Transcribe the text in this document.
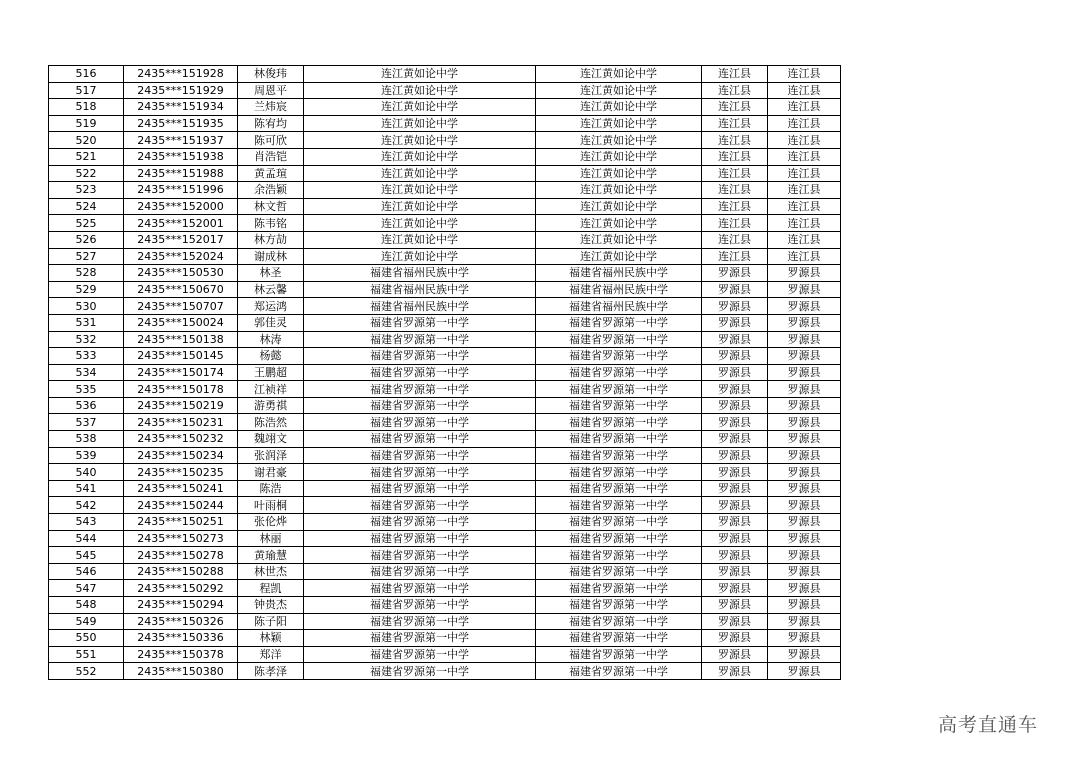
516	2435***151928	林俊玮	连江黄如论中学	连江黄如论中学	连江县	连江县
517	2435***151929	周恩平	连江黄如论中学	连江黄如论中学	连江县	连江县
518	2435***151934	兰炜宸	连江黄如论中学	连江黄如论中学	连江县	连江县
519	2435***151935	陈宥均	连江黄如论中学	连江黄如论中学	连江县	连江县
520	2435***151937	陈可欣	连江黄如论中学	连江黄如论中学	连江县	连江县
521	2435***151938	肖浩铠	连江黄如论中学	连江黄如论中学	连江县	连江县
522	2435***151988	黄孟瑄	连江黄如论中学	连江黄如论中学	连江县	连江县
523	2435***151996	余浩颖	连江黄如论中学	连江黄如论中学	连江县	连江县
524	2435***152000	林文哲	连江黄如论中学	连江黄如论中学	连江县	连江县
525	2435***152001	陈韦铭	连江黄如论中学	连江黄如论中学	连江县	连江县
526	2435***152017	林方劼	连江黄如论中学	连江黄如论中学	连江县	连江县
527	2435***152024	谢成林	连江黄如论中学	连江黄如论中学	连江县	连江县
528	2435***150530	林圣	福建省福州民族中学	福建省福州民族中学	罗源县	罗源县
529	2435***150670	林云馨	福建省福州民族中学	福建省福州民族中学	罗源县	罗源县
530	2435***150707	郑运鸿	福建省福州民族中学	福建省福州民族中学	罗源县	罗源县
531	2435***150024	郭佳灵	福建省罗源第一中学	福建省罗源第一中学	罗源县	罗源县
532	2435***150138	林涛	福建省罗源第一中学	福建省罗源第一中学	罗源县	罗源县
533	2435***150145	杨懿	福建省罗源第一中学	福建省罗源第一中学	罗源县	罗源县
534	2435***150174	王鹏超	福建省罗源第一中学	福建省罗源第一中学	罗源县	罗源县
535	2435***150178	江祯祥	福建省罗源第一中学	福建省罗源第一中学	罗源县	罗源县
536	2435***150219	游勇祺	福建省罗源第一中学	福建省罗源第一中学	罗源县	罗源县
537	2435***150231	陈浩然	福建省罗源第一中学	福建省罗源第一中学	罗源县	罗源县
538	2435***150232	魏翊文	福建省罗源第一中学	福建省罗源第一中学	罗源县	罗源县
539	2435***150234	张润泽	福建省罗源第一中学	福建省罗源第一中学	罗源县	罗源县
540	2435***150235	谢君豪	福建省罗源第一中学	福建省罗源第一中学	罗源县	罗源县
541	2435***150241	陈浩	福建省罗源第一中学	福建省罗源第一中学	罗源县	罗源县
542	2435***150244	叶雨桐	福建省罗源第一中学	福建省罗源第一中学	罗源县	罗源县
543	2435***150251	张伦烨	福建省罗源第一中学	福建省罗源第一中学	罗源县	罗源县
544	2435***150273	林丽	福建省罗源第一中学	福建省罗源第一中学	罗源县	罗源县
545	2435***150278	黄瑜慧	福建省罗源第一中学	福建省罗源第一中学	罗源县	罗源县
546	2435***150288	林世杰	福建省罗源第一中学	福建省罗源第一中学	罗源县	罗源县
547	2435***150292	程凯	福建省罗源第一中学	福建省罗源第一中学	罗源县	罗源县
548	2435***150294	钟贵杰	福建省罗源第一中学	福建省罗源第一中学	罗源县	罗源县
549	2435***150326	陈子阳	福建省罗源第一中学	福建省罗源第一中学	罗源县	罗源县
550	2435***150336	林颖	福建省罗源第一中学	福建省罗源第一中学	罗源县	罗源县
551	2435***150378	郑洋	福建省罗源第一中学	福建省罗源第一中学	罗源县	罗源县
552	2435***150380	陈孝泽	福建省罗源第一中学	福建省罗源第一中学	罗源县	罗源县
高考直通车
